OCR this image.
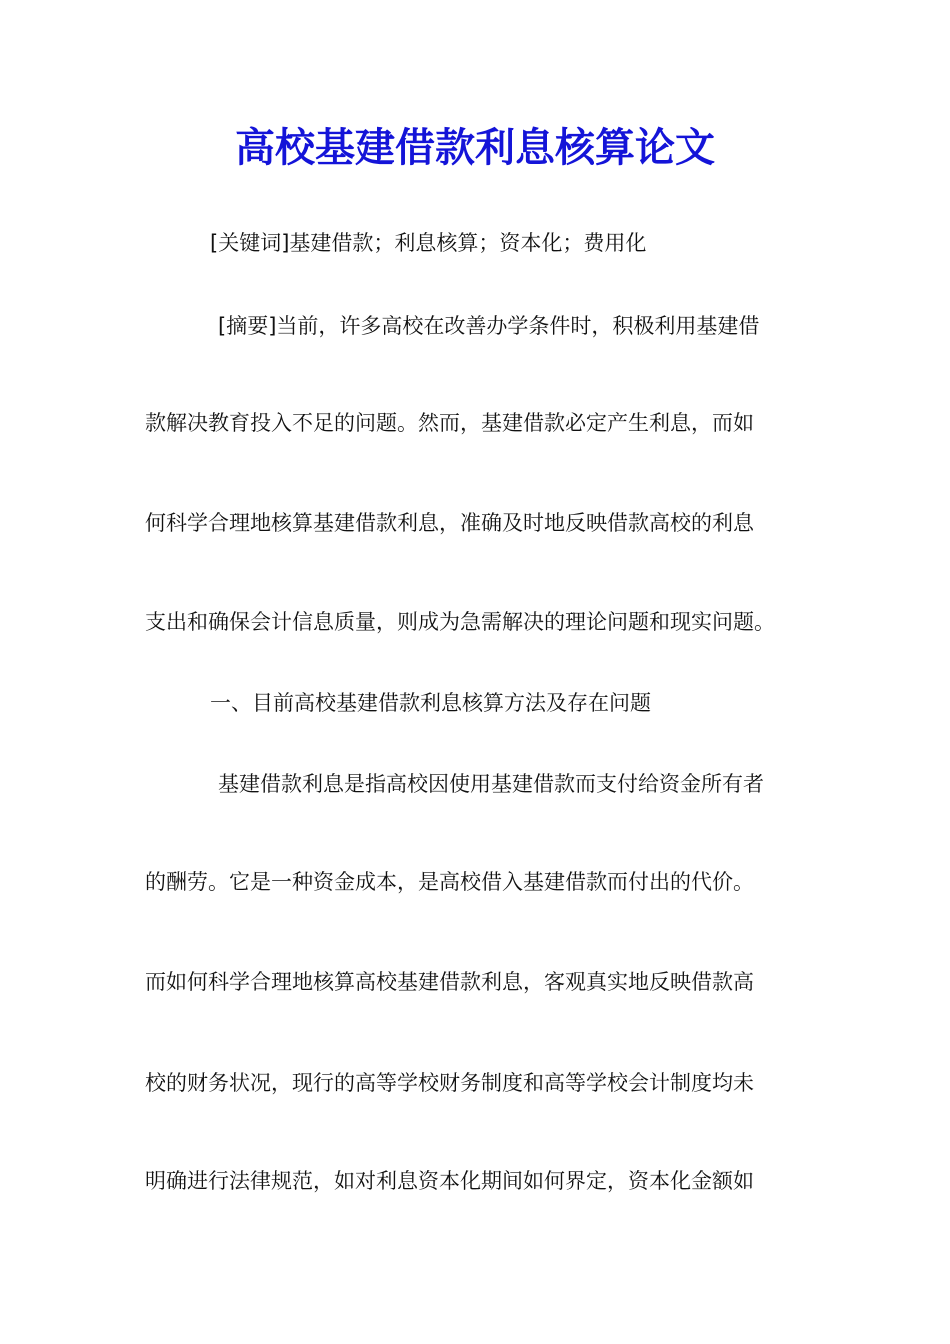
高校基建借款利息核算论文

[关键词]基建借款；利息核算；资本化；费用化

[摘要]当前，许多高校在改善办学条件时，积极利用基建借

款解决教育投入不足的问题。然而，基建借款必定产生利息，而如

何科学合理地核算基建借款利息，准确及时地反映借款高校的利息

支出和确保会计信息质量，则成为急需解决的理论问题和现实问题。

一、目前高校基建借款利息核算方法及存在问题

基建借款利息是指高校因使用基建借款而支付给资金所有者

的酬劳。它是一种资金成本，是高校借入基建借款而付出的代价。

而如何科学合理地核算高校基建借款利息，客观真实地反映借款高

校的财务状况，现行的高等学校财务制度和高等学校会计制度均未

明确进行法律规范，如对利息资本化期间如何界定，资本化金额如
